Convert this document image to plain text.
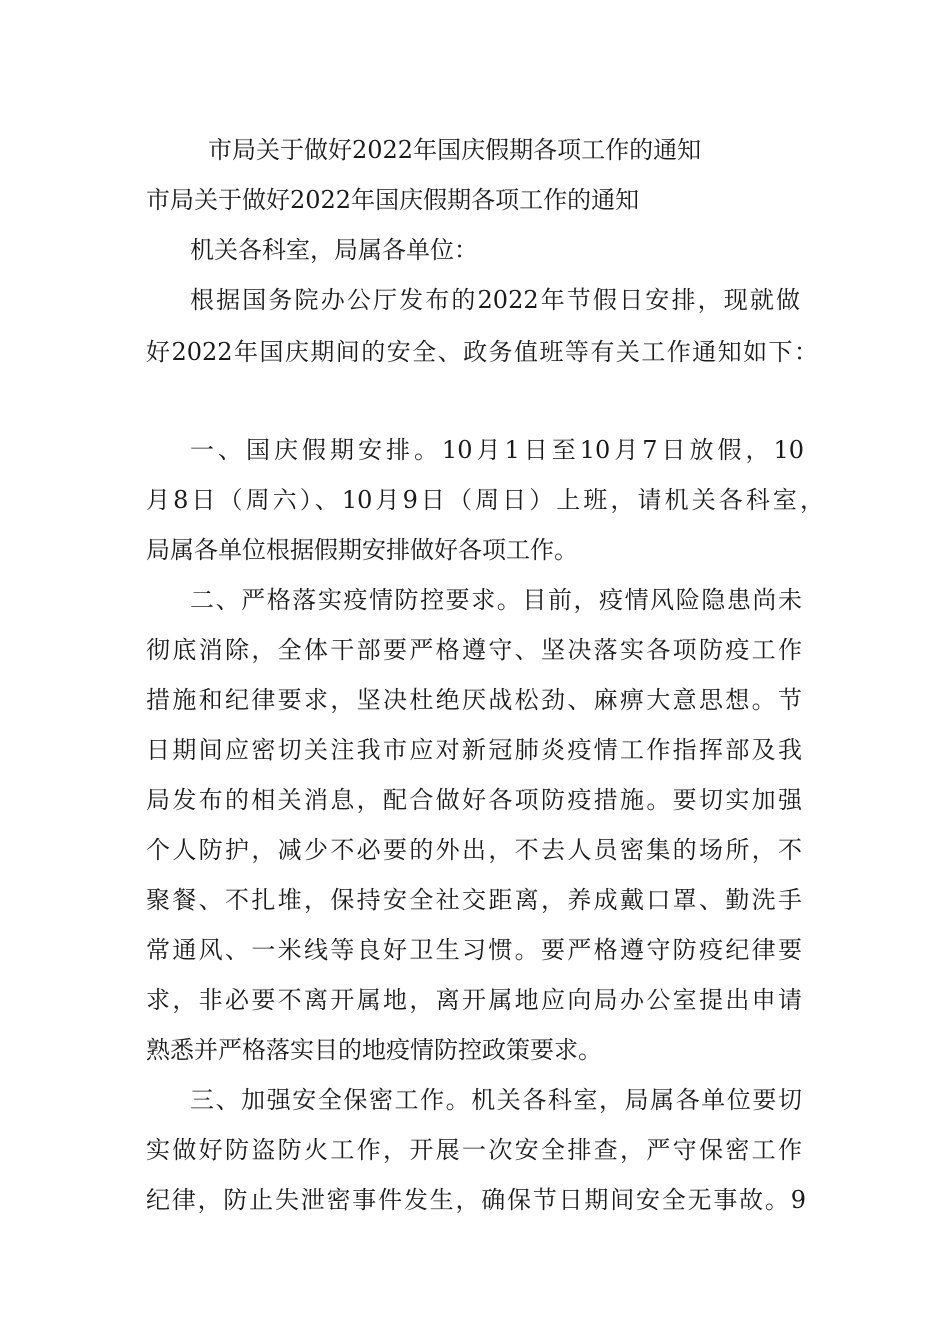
市局关于做好2022年国庆假期各项工作的通知
市局关于做好2022年国庆假期各项工作的通知
机关各科室，局属各单位：
根据国务院办公厅发布的2022年节假日安排，现就做
好2022年国庆期间的安全、政务值班等有关工作通知如下：
一、国庆假期安排。10月1日至10月7日放假，10
月8日（周六）、10月9日（周日）上班，请机关各科室，
局属各单位根据假期安排做好各项工作。
二、严格落实疫情防控要求。目前，疫情风险隐患尚未
彻底消除，全体干部要严格遵守、坚决落实各项防疫工作
措施和纪律要求，坚决杜绝厌战松劲、麻痹大意思想。节
日期间应密切关注我市应对新冠肺炎疫情工作指挥部及我
局发布的相关消息，配合做好各项防疫措施。要切实加强
个人防护，减少不必要的外出，不去人员密集的场所，不
聚餐、不扎堆，保持安全社交距离，养成戴口罩、勤洗手
常通风、一米线等良好卫生习惯。要严格遵守防疫纪律要
求，非必要不离开属地，离开属地应向局办公室提出申请
熟悉并严格落实目的地疫情防控政策要求。
三、加强安全保密工作。机关各科室，局属各单位要切
实做好防盗防火工作，开展一次安全排查，严守保密工作
纪律，防止失泄密事件发生，确保节日期间安全无事故。9
